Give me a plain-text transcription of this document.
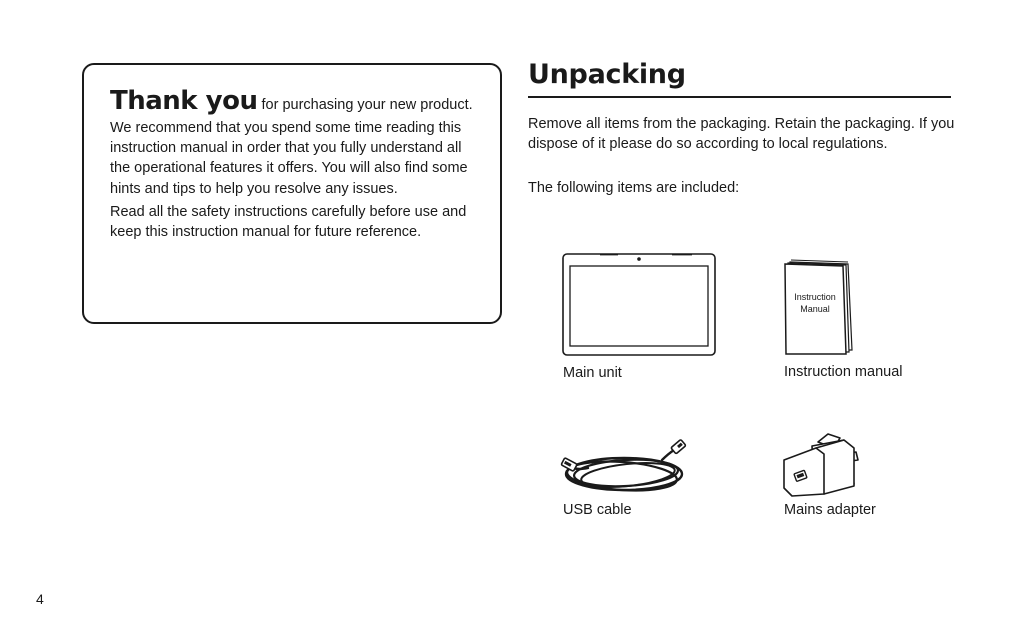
Thank you for purchasing your new product.

We recommend that you spend some time reading this instruction manual in order that you fully understand all the operational features it offers. You will also find some hints and tips to help you resolve any issues.

Read all the safety instructions carefully before use and keep this instruction manual for future reference.

Unpacking

Remove all items from the packaging. Retain the packaging. If you dispose of it please do so according to local regulations.

The following items are included:

Main unit

Instruction
Manual

Instruction manual

USB cable	Mains adapter

4
